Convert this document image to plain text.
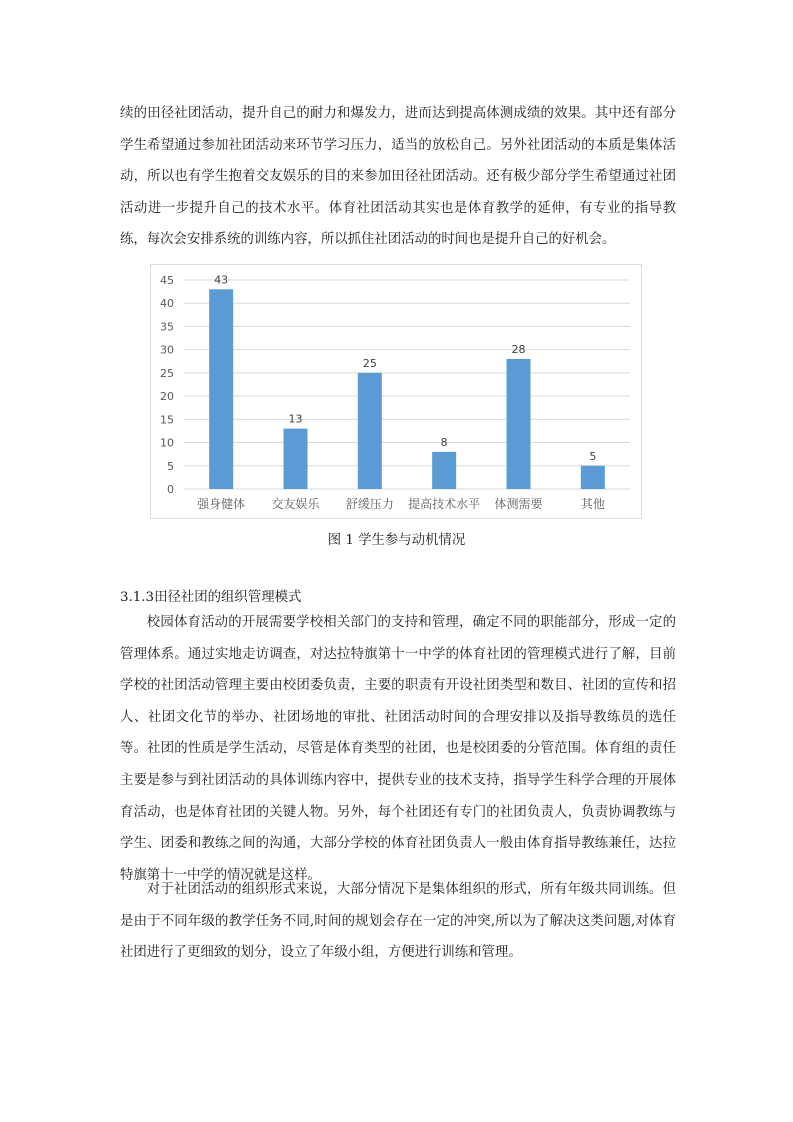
续的田径社团活动，提升自己的耐力和爆发力，进而达到提高体测成绩的效果。其中还有部分学生希望通过参加社团活动来环节学习压力，适当的放松自己。另外社团活动的本质是集体活动，所以也有学生抱着交友娱乐的目的来参加田径社团活动。还有极少部分学生希望通过社团活动进一步提升自己的技术水平。体育社团活动其实也是体育教学的延伸，有专业的指导教练，每次会安排系统的训练内容，所以抓住社团活动的时间也是提升自己的好机会。

0
5
10
15
20
25
30
35
40
45	43
强身健体
13
交友娱乐
25
舒缓压力
8
提高技术水平
28
体测需要
5
其他

图 1 学生参与动机情况

3.1.3田径社团的组织管理模式

校园体育活动的开展需要学校相关部门的支持和管理，确定不同的职能部分，形成一定的管理体系。通过实地走访调查，对达拉特旗第十一中学的体育社团的管理模式进行了解，目前学校的社团活动管理主要由校团委负责，主要的职责有开设社团类型和数目、社团的宣传和招人、社团文化节的举办、社团场地的审批、社团活动时间的合理安排以及指导教练员的选任等。社团的性质是学生活动，尽管是体育类型的社团，也是校团委的分管范围。体育组的责任主要是参与到社团活动的具体训练内容中，提供专业的技术支持，指导学生科学合理的开展体育活动，也是体育社团的关键人物。另外，每个社团还有专门的社团负责人，负责协调教练与学生、团委和教练之间的沟通，大部分学校的体育社团负责人一般由体育指导教练兼任，达拉特旗第十一中学的情况就是这样。

对于社团活动的组织形式来说，大部分情况下是集体组织的形式，所有年级共同训练。但是由于不同年级的教学任务不同,时间的规划会存在一定的冲突,所以为了解决这类问题,对体育社团进行了更细致的划分，设立了年级小组，方便进行训练和管理。
